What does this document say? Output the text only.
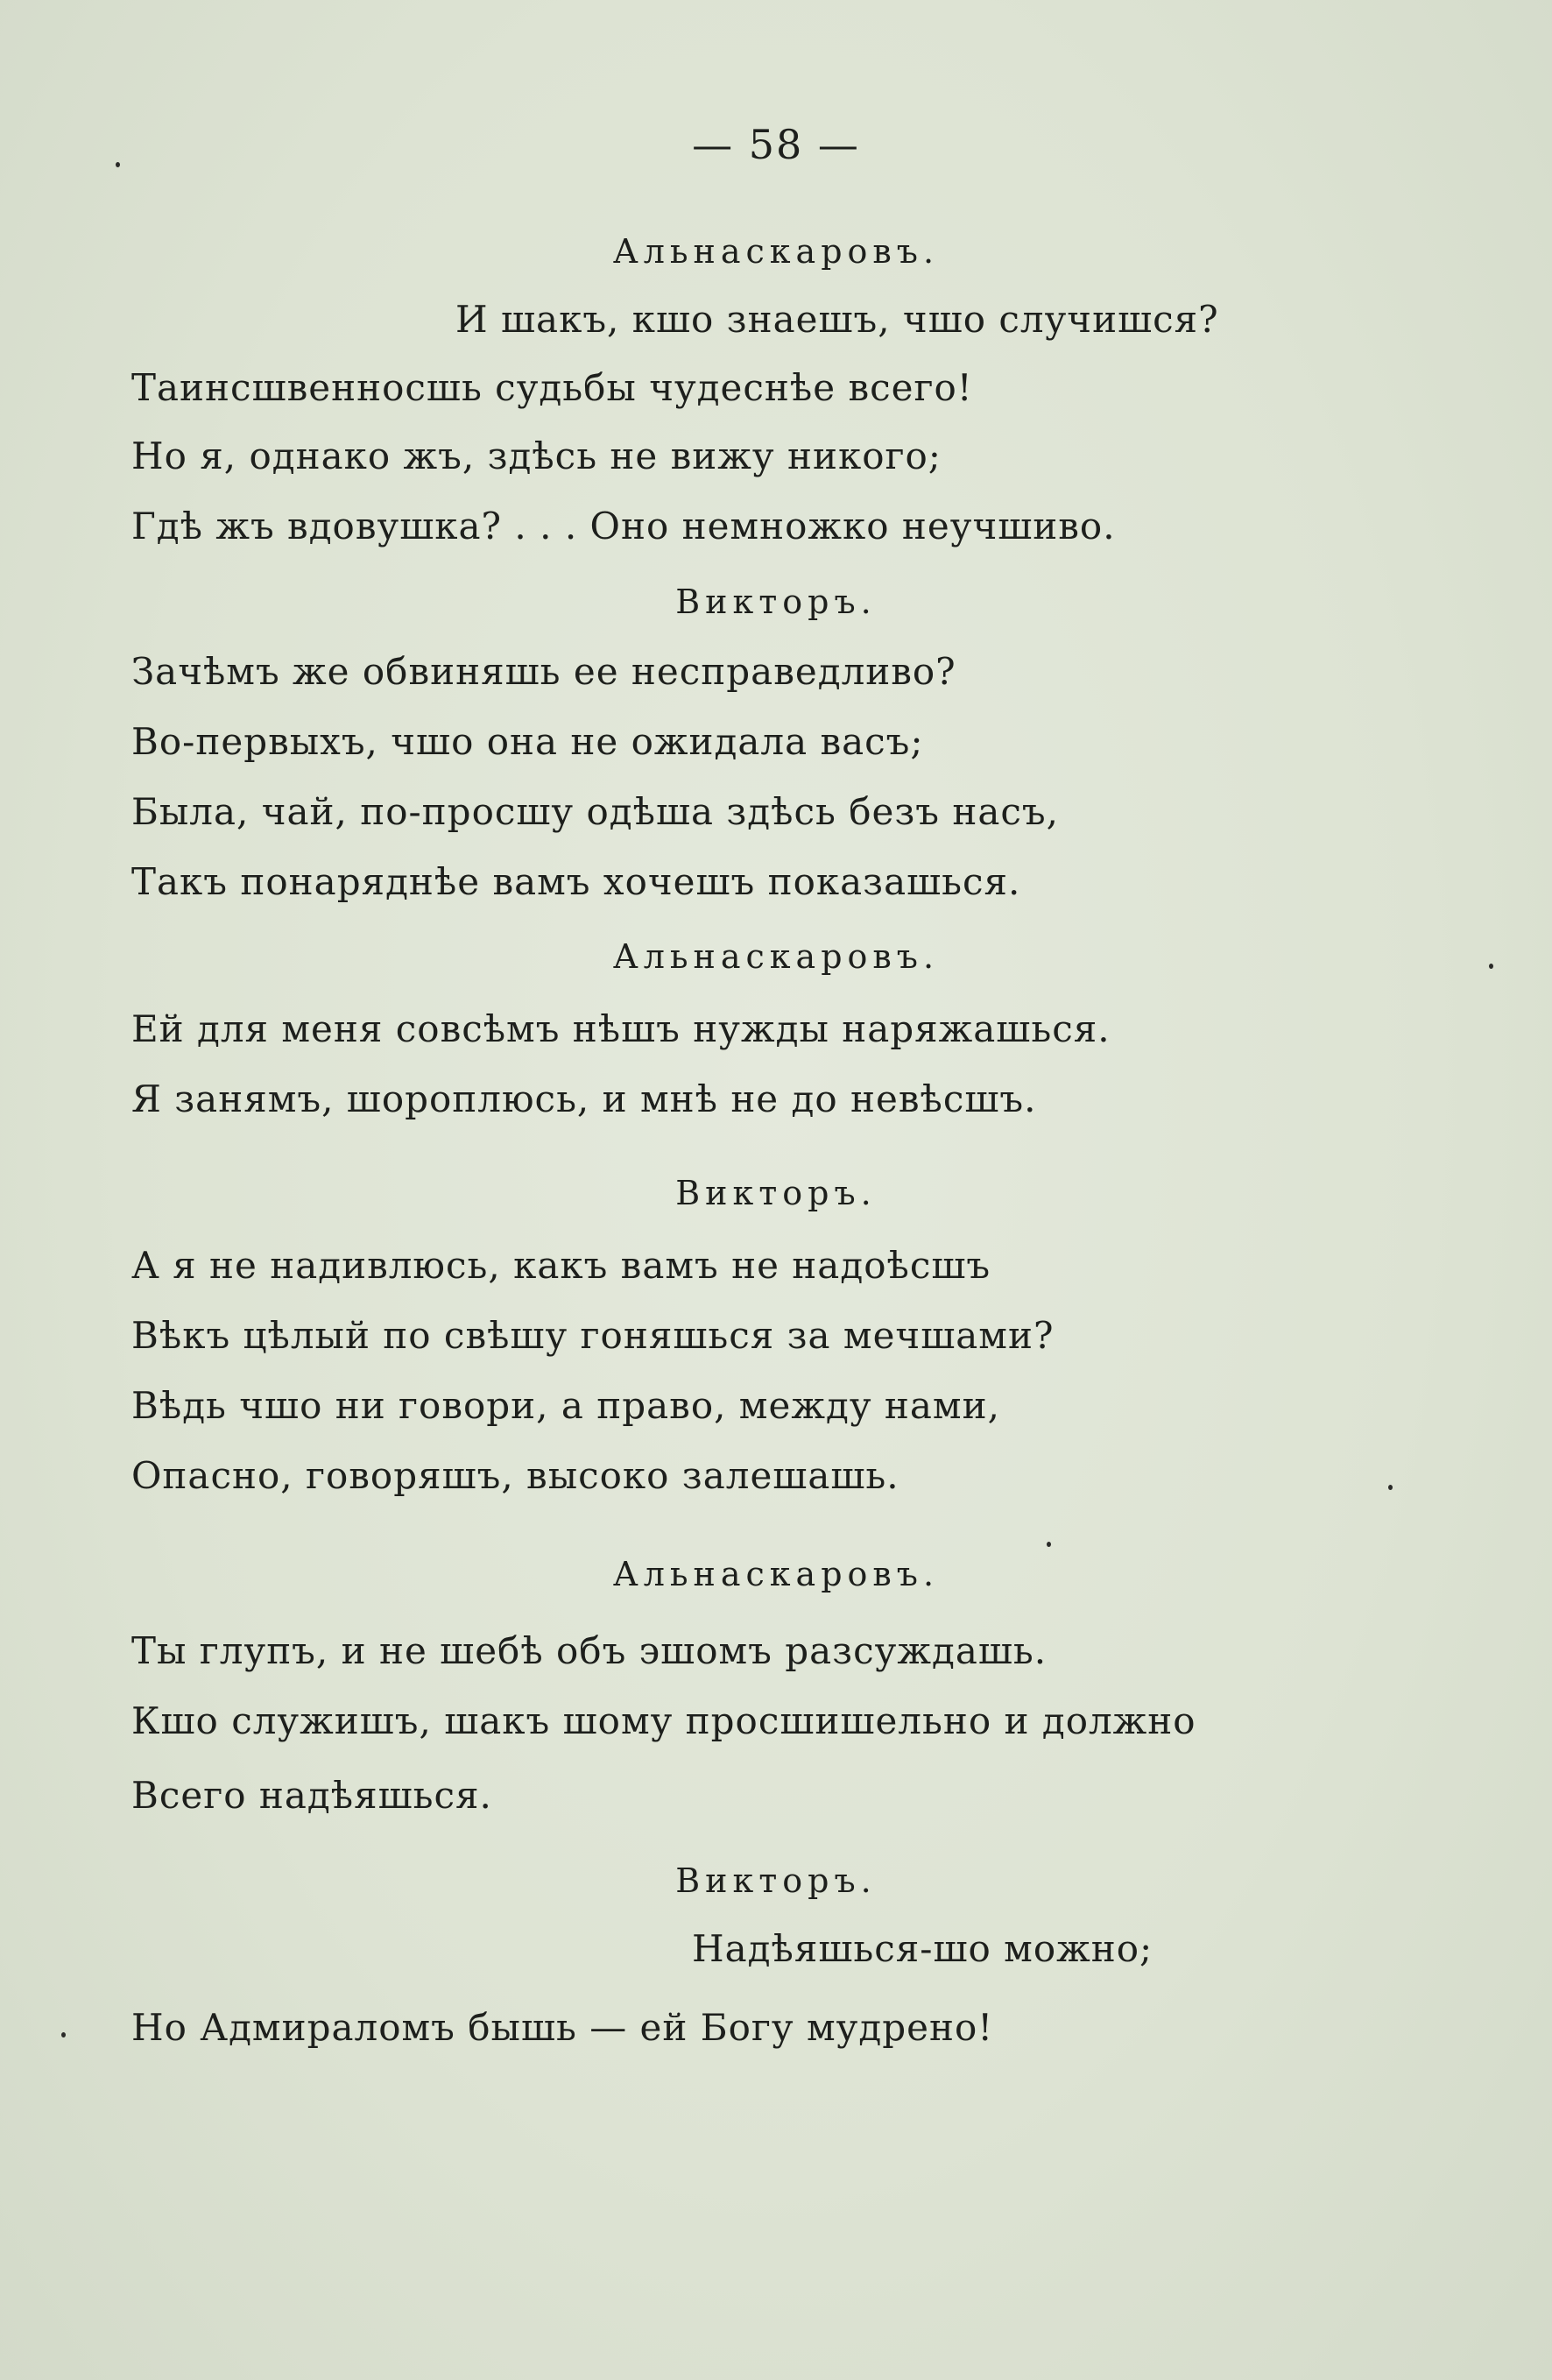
— 58 —
Альнаскаровъ.
И шакъ, кшо знаешъ, чшо случишся?
Таинсшвенносшь судьбы чудеснѣе всего!
Но я, однако жъ, здѣсь не вижу никого;
Гдѣ жъ вдовушка? . . . Оно немножко неучшиво.
Викторъ.
Зачѣмъ же обвиняшь ее несправедливо?
Во-первыхъ, чшо она не ожидала васъ;
Была, чай, по-просшу одѣша здѣсь безъ насъ,
Такъ понаряднѣе вамъ хочешъ показашься.
Альнаскаровъ.
Ей для меня совсѣмъ нѣшъ нужды наряжашься.
Я занямъ, шороплюсь, и мнѣ не до невѣсшъ.
Викторъ.
А я не надивлюсь, какъ вамъ не надоѣсшъ
Вѣкъ цѣлый по свѣшу гоняшься за мечшами?
Вѣдь чшо ни говори, а право, между нами,
Опасно, говоряшъ, высоко залешашь.
Альнаскаровъ.
Ты глупъ, и не шебѣ объ эшомъ разсуждашь.
Кшо служишъ, шакъ шому просшишельно и должно
Всего надѣяшься.
Викторъ.
Надѣяшься-шо можно;
Но Адмираломъ бышь — ей Богу мудрено!
